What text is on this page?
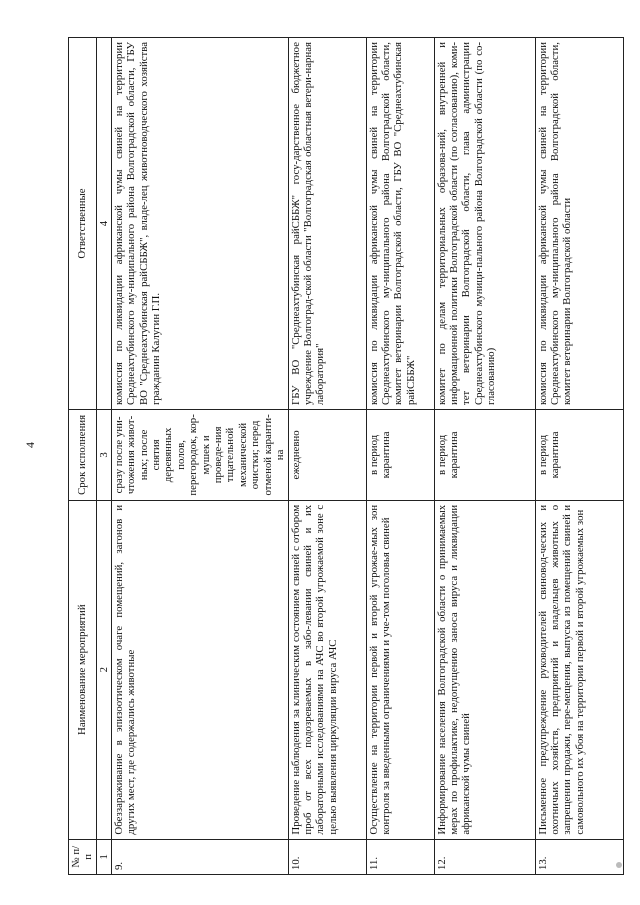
4
№ п/п	Наименование мероприятий	Срок исполнения	Ответственные
1	2	3	4
9.	Обеззараживание в эпизоотическом очаге помещений, загонов и других мест, где содержались животные	сразу после уни-чтожения живот-ных; после снятия деревянных полов, перегородок, кор-мушек и проведе-ния тщательной механической очистки; перед отменой каранти-на	комиссия по ликвидации африканской чумы свиней на территории Среднеахтубинского му-ниципального района Волгоградской области, ГБУ ВО "Среднеахтубинская райСББЖ", владе-лец животноводческого хозяйства гражданин Калугин Г.П.
10.	Проведение наблюдения за клиническим состоянием свиней с отбором проб от всех подозреваемых в забо-левании свиней и их лабораторными исследованиями на АЧС во второй угрожаемой зоне с целью выявления циркуляции вируса АЧС	ежедневно	ГБУ ВО "Среднеахтубинская райСББЖ" госу-дарственное бюджетное учреждение Волгоград-ской области "Волгоградская областная ветери-нарная лаборатория"
11.	Осуществление на территории первой и второй угрожае-мых зон контроля за введенными ограничениями и уче-том поголовья свиней	в период карантина	комиссия по ликвидации африканской чумы свиней на территории Среднеахтубинского му-ниципального района Волгоградской области, комитет ветеринарии Волгоградской области, ГБУ ВО "Среднеахтубинская райСББЖ"
12.	Информирование населения Волгоградской области о принимаемых мерах по профилактике, недопущению заноса вируса и ликвидации африканской чумы свиней	в период карантина	комитет по делам территориальных образова-ний, внутренней и информационной политики Волгоградской области (по согласованию), коми-тет ветеринарии Волгоградской области, глава администрации Среднеахтубинского муници-пального района Волгоградской области (по со-гласованию)
13.	Письменное предупреждение руководителей свиновод-ческих и охотничьих хозяйств, предприятий и владельцев животных о запрещении продажи, пере-мещения, выпуска из помещений свиней и самовольного их убоя на территории первой и второй угрожаемых зон	в период карантина	комиссия по ликвидации африканской чумы свиней на территории Среднеахтубинского му-ниципального района Волгоградской области, комитет ветеринарии Волгоградской области
